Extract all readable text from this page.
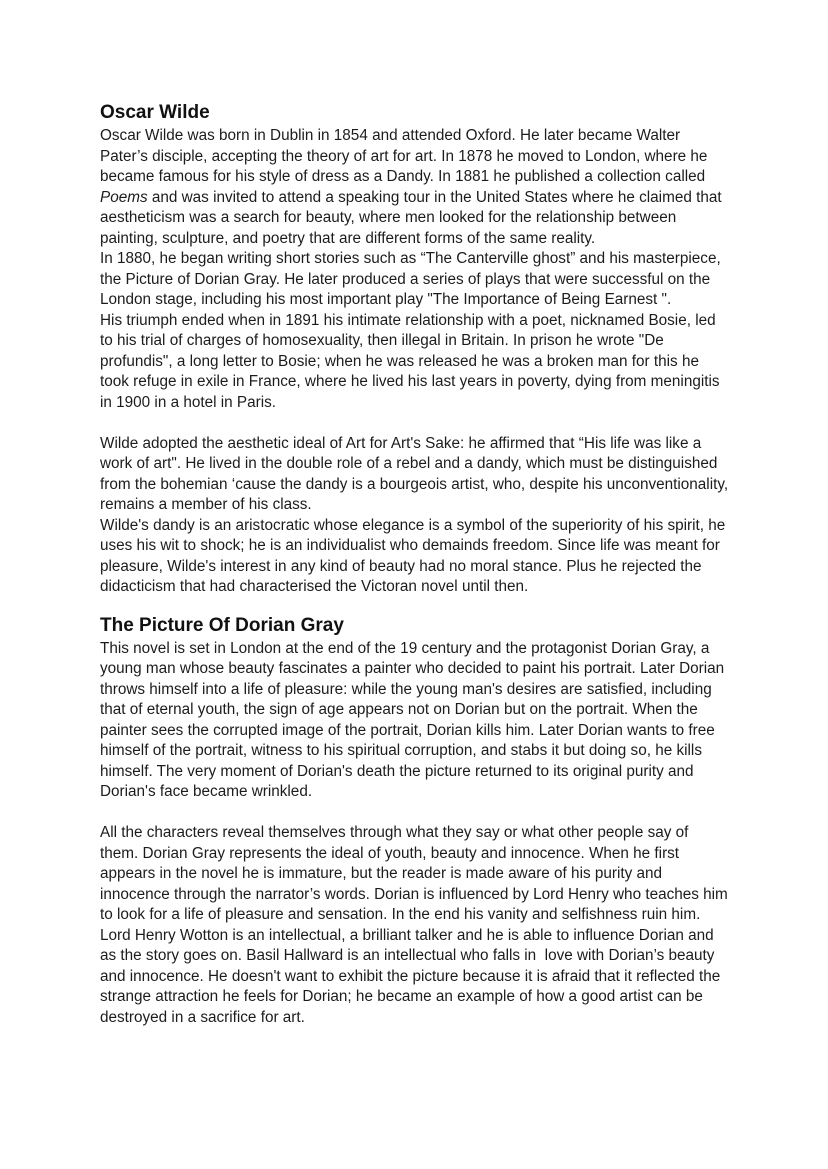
Oscar Wilde

Oscar Wilde was born in Dublin in 1854 and attended Oxford. He later became Walter Pater’s disciple, accepting the theory of art for art. In 1878 he moved to London, where he became famous for his style of dress as a Dandy. In 1881 he published a collection called Poems and was invited to attend a speaking tour in the United States where he claimed that aestheticism was a search for beauty, where men looked for the relationship between painting, sculpture, and poetry that are different forms of the same reality.

In 1880, he began writing short stories such as “The Canterville ghost” and his masterpiece, the Picture of Dorian Gray. He later produced a series of plays that were successful on the London stage, including his most important play "The Importance of Being Earnest ".

His triumph ended when in 1891 his intimate relationship with a poet, nicknamed Bosie, led to his trial of charges of homosexuality, then illegal in Britain. In prison he wrote "De profundis", a long letter to Bosie; when he was released he was a broken man for this he took refuge in exile in France, where he lived his last years in poverty, dying from meningitis in 1900 in a hotel in Paris.

Wilde adopted the aesthetic ideal of Art for Art's Sake: he affirmed that “His life was like a work of art". He lived in the double role of a rebel and a dandy, which must be distinguished from the bohemian ‘cause the dandy is a bourgeois artist, who, despite his unconventionality, remains a member of his class.

Wilde's dandy is an aristocratic whose elegance is a symbol of the superiority of his spirit, he uses his wit to shock; he is an individualist who demainds freedom. Since life was meant for pleasure, Wilde's interest in any kind of beauty had no moral stance. Plus he rejected the didacticism that had characterised the Victoran novel until then.

The Picture Of Dorian Gray

This novel is set in London at the end of the 19 century and the protagonist Dorian Gray, a young man whose beauty fascinates a painter who decided to paint his portrait. Later Dorian throws himself into a life of pleasure: while the young man's desires are satisfied, including that of eternal youth, the sign of age appears not on Dorian but on the portrait. When the painter sees the corrupted image of the portrait, Dorian kills him. Later Dorian wants to free himself of the portrait, witness to his spiritual corruption, and stabs it but doing so, he kills himself. The very moment of Dorian's death the picture returned to its original purity and Dorian's face became wrinkled.

All the characters reveal themselves through what they say or what other people say of them. Dorian Gray represents the ideal of youth, beauty and innocence. When he first appears in the novel he is immature, but the reader is made aware of his purity and innocence through the narrator’s words. Dorian is influenced by Lord Henry who teaches him to look for a life of pleasure and sensation. In the end his vanity and selfishness ruin him. Lord Henry Wotton is an intellectual, a brilliant talker and he is able to influence Dorian and as the story goes on. Basil Hallward is an intellectual who falls in  love with Dorian’s beauty and innocence. He doesn't want to exhibit the picture because it is afraid that it reflected the strange attraction he feels for Dorian; he became an example of how a good artist can be destroyed in a sacrifice for art.
